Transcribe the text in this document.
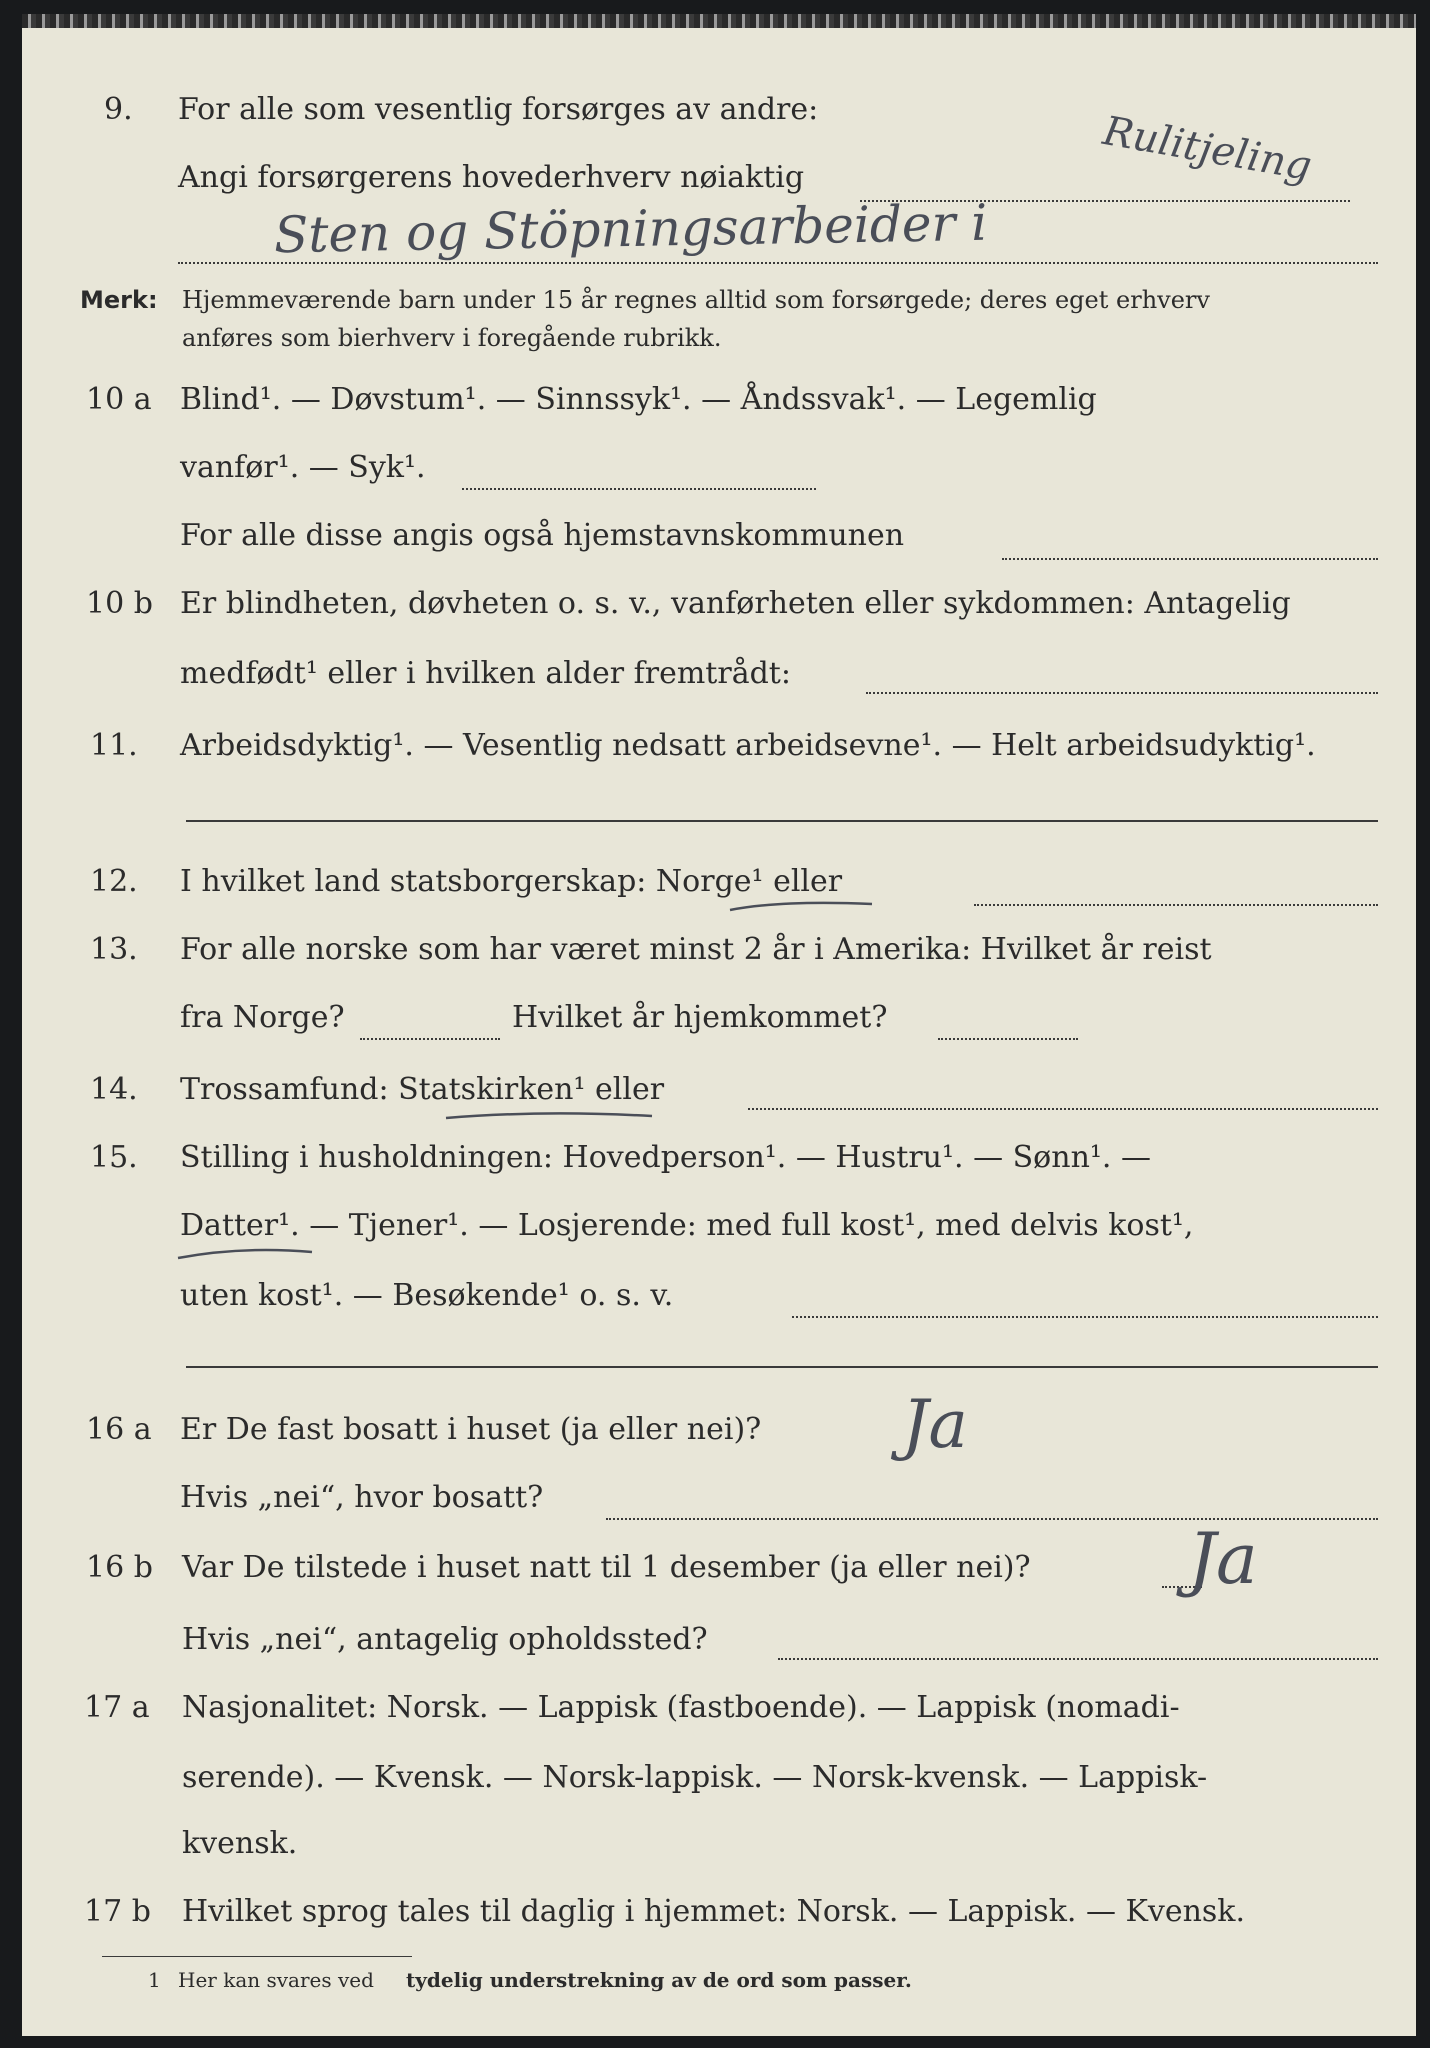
9. For alle som vesentlig forsørges av andre:
Angi forsørgerens hovederhverv nøiaktig	Rulitjeling
Sten og Stöpningsarbeider i
Merk: Hjemmeværende barn under 15 år regnes alltid som forsørgede; deres eget erhverv
anføres som bierhverv i foregående rubrikk.
10 a Blind¹. — Døvstum¹. — Sinnssyk¹. — Åndssvak¹. — Legemlig
vanfør¹. — Syk¹.
For alle disse angis også hjemstavnskommunen
10 b Er blindheten, døvheten o. s. v., vanførheten eller sykdommen: Antagelig
medfødt¹ eller i hvilken alder fremtrådt:
11. Arbeidsdyktig¹. — Vesentlig nedsatt arbeidsevne¹. — Helt arbeidsudyktig¹.
12. I hvilket land statsborgerskap: Norge¹ eller
13. For alle norske som har været minst 2 år i Amerika: Hvilket år reist
fra Norge?	Hvilket år hjemkommet?
14. Trossamfund: Statskirken¹ eller
15. Stilling i husholdningen: Hovedperson¹. — Hustru¹. — Sønn¹. —
Datter¹. — Tjener¹. — Losjerende: med full kost¹, med delvis kost¹,
uten kost¹. — Besøkende¹ o. s. v.
16 a Er De fast bosatt i huset (ja eller nei)? Ja
Hvis „nei“, hvor bosatt?
16 b Var De tilstede i huset natt til 1 desember (ja eller nei)? Ja
Hvis „nei“, antagelig opholdssted?
17 a Nasjonalitet: Norsk. — Lappisk (fastboende). — Lappisk (nomadi-
serende). — Kvensk. — Norsk-lappisk. — Norsk-kvensk. — Lappisk-
kvensk.
17 b Hvilket sprog tales til daglig i hjemmet: Norsk. — Lappisk. — Kvensk.
1 Her kan svares ved tydelig understrekning av de ord som passer.
